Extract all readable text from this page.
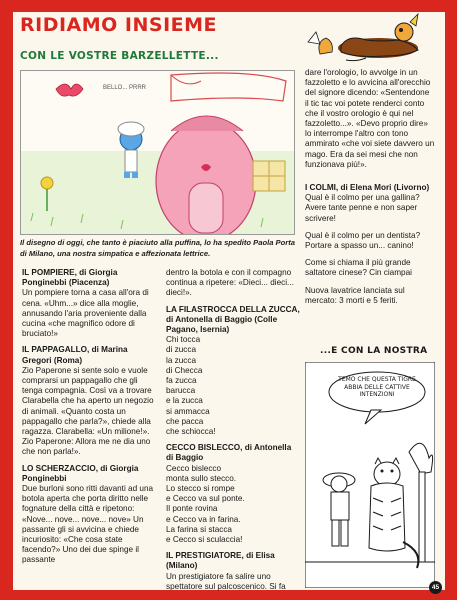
RIDIAMO INSIEME
CON LE VOSTRE BARZELLETTE...
BELLO... PRRR
Il disegno di oggi, che tanto è piaciuto alla puffina, lo ha spedito Paola Porta di Milano, una nostra simpatica e affezionata lettrice.

IL POMPIERE, di Giorgia Ponginebbi (Piacenza)

Un pompiere torna a casa all'ora di cena. «Uhm...» dice alla moglie, annusando l'aria proveniente dalla cucina «che magnifico odore di bruciato!»

IL PAPPAGALLO, di Marina Gregori (Roma)

Zio Paperone si sente solo e vuole comprarsi un pappagallo che gli tenga compagnia. Così va a trovare Clarabella che ha aperto un negozio di animali. «Quanto costa un pappagallo che parla?», chiede alla ragazza. Clarabella: «Un milione!». Zio Paperone: Allora me ne dia uno che non parla!».

LO SCHERZACCIO, di Giorgia Ponginebbi

Due burloni sono ritti davanti ad una botola aperta che porta diritto nelle fognature della città e ripetono: «Nove... nove... nove... nove» Un passante gli si avvicina e chiede incuriosito: «Che cosa state facendo?» Uno dei due spinge il passante

dentro la botola e con il compagno continua a ripetere: «Dieci... dieci... dieci!».

LA FILASTROCCA DELLA ZUCCA, di Antonella di Baggio (Colle Pagano, Isernia)

Chi tocca

di zucca

la zucca

di Checca

fa zucca

barucca

e la zucca

si ammacca

che pacca

che schiocca!

CECCO BISLECCO, di Antonella di Baggio

Cecco bislecco

monta sullo stecco.

Lo stecco si rompe

e Cecco va sul ponte.

Il ponte rovina

e Cecco va in farina.

La farina si stacca

e Cecco si sculaccia!

IL PRESTIGIATORE, di Elisa (Milano)

Un prestigiatore fa salire uno spettatore sul palcoscenico. Si fa

dare l'orologio, lo avvolge in un fazzoletto e lo avvicina all'orecchio del signore dicendo: «Sentendone il tic tac voi potete renderci conto che il vostro orologio è qui nel fazzoletto...». «Devo proprio dire» lo interrompe l'altro con tono ammirato «che voi siete davvero un mago. Era da sei mesi che non funzionava più!».

I COLMI, di Elena Mori (Livorno)

Qual è il colmo per una gallina? Avere tante penne e non saper scrivere!

Qual è il colmo per un dentista? Portare a spasso un... canino!

Come si chiama il più grande saltatore cinese? Cin ciampai

Nuova lavatrice lanciata sul mercato: 3 morti e 5 feriti.

...E CON LA NOSTRA
TEMO CHE QUESTA TIGRE ABBIA DELLE CATTIVE INTENZIONI
45
